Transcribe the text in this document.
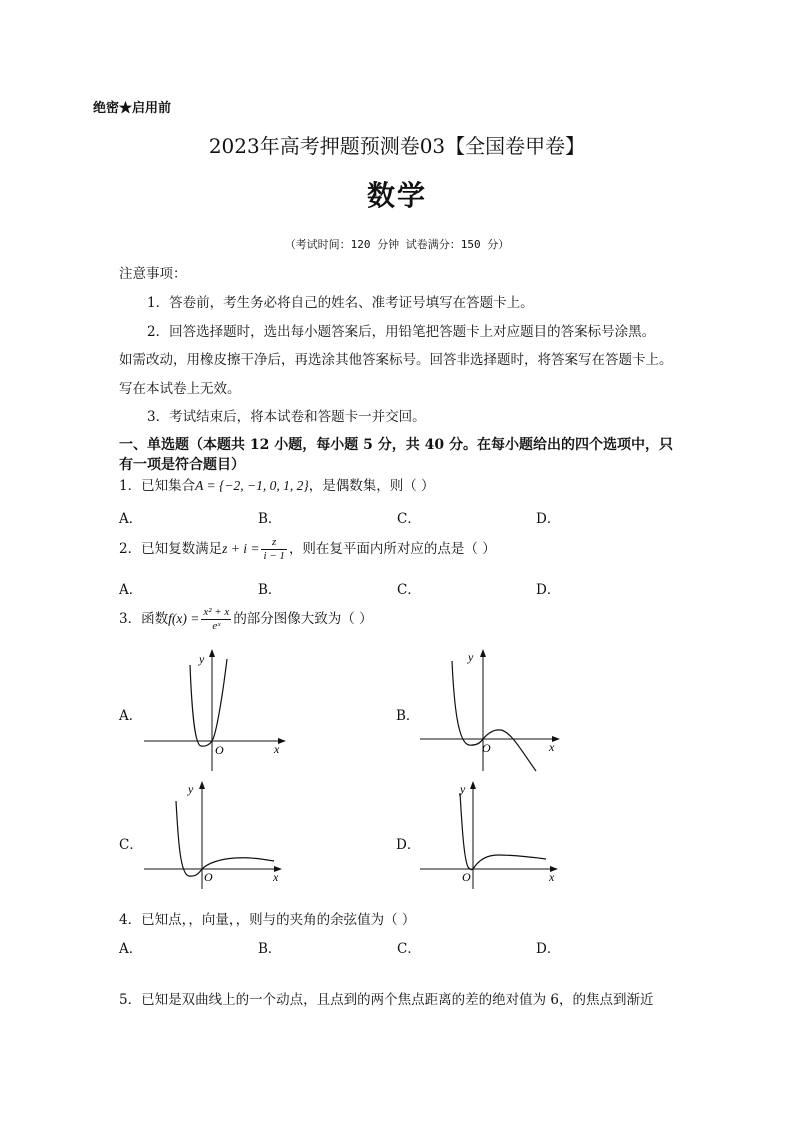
绝密★启用前
2023年高考押题预测卷03【全国卷甲卷】
数学
（考试时间：120 分钟 试卷满分：150 分）
注意事项：
1．答卷前，考生务必将自己的姓名、准考证号填写在答题卡上。
2．回答选择题时，选出每小题答案后，用铅笔把答题卡上对应题目的答案标号涂黑。
如需改动，用橡皮擦干净后，再选涂其他答案标号。回答非选择题时，将答案写在答题卡上。
写在本试卷上无效。
3．考试结束后，将本试卷和答题卡一并交回。
一、单选题（本题共 12 小题，每小题 5 分，共 40 分。在每小题给出的四个选项中，只
有一项是符合题目）
1．已知集合A = {−2, −1, 0, 1, 2}，是偶数集，则（ ）
A．	B．	C．	D．
2．已知复数满足$z + i = \frac{z}{i - 1}$ ，则在复平面内所对应的点是（ ）
A．	B．	C．	D．
3．函数$f(x) = \frac{\text{x² + x}}{\text{eˣ}}$ 的部分图像大致为（ ）
A．	B．
C．	D．
y
x
O
y
x
O
y
x
O
y
x
O
4．已知点，，向量，，则与的夹角的余弦值为（ ）
A．	B．	C．	D．
5．已知是双曲线上的一个动点，且点到的两个焦点距离的差的绝对值为 6，的焦点到渐近
